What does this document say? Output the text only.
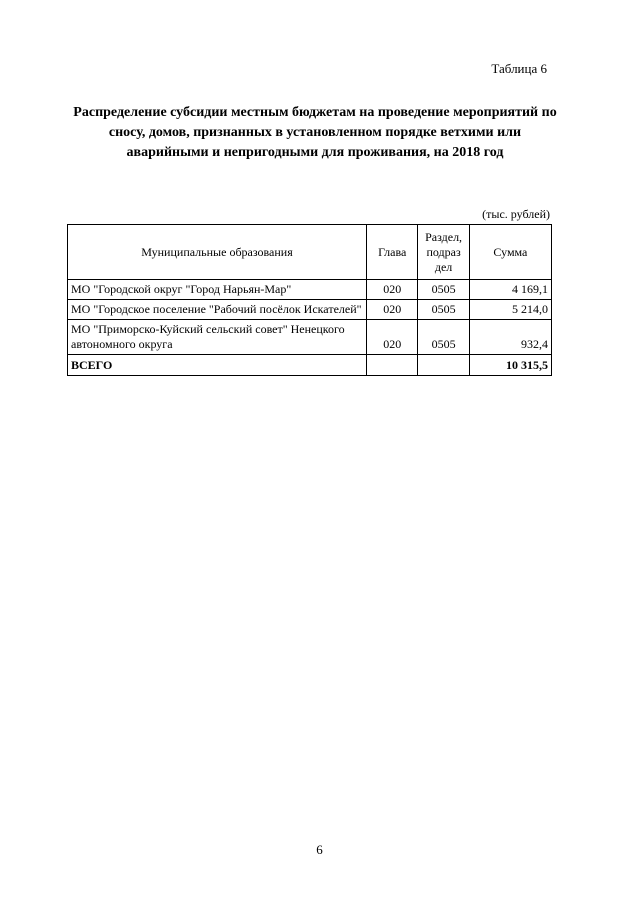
Таблица 6
Распределение субсидии местным бюджетам на проведение мероприятий по сносу, домов, признанных в установленном порядке ветхими или аварийными и непригодными для проживания, на 2018 год
(тыс. рублей)
Муниципальные образования	Глава	Раздел, подраз дел	Сумма
МО "Городской округ "Город Нарьян-Мар"	020	0505	4 169,1
МО "Городское поселение "Рабочий посёлок Искателей"	020	0505	5 214,0
МО "Приморско-Куйский сельский совет" Ненецкого автономного округа	020	0505	932,4
ВСЕГО			10 315,5
6
